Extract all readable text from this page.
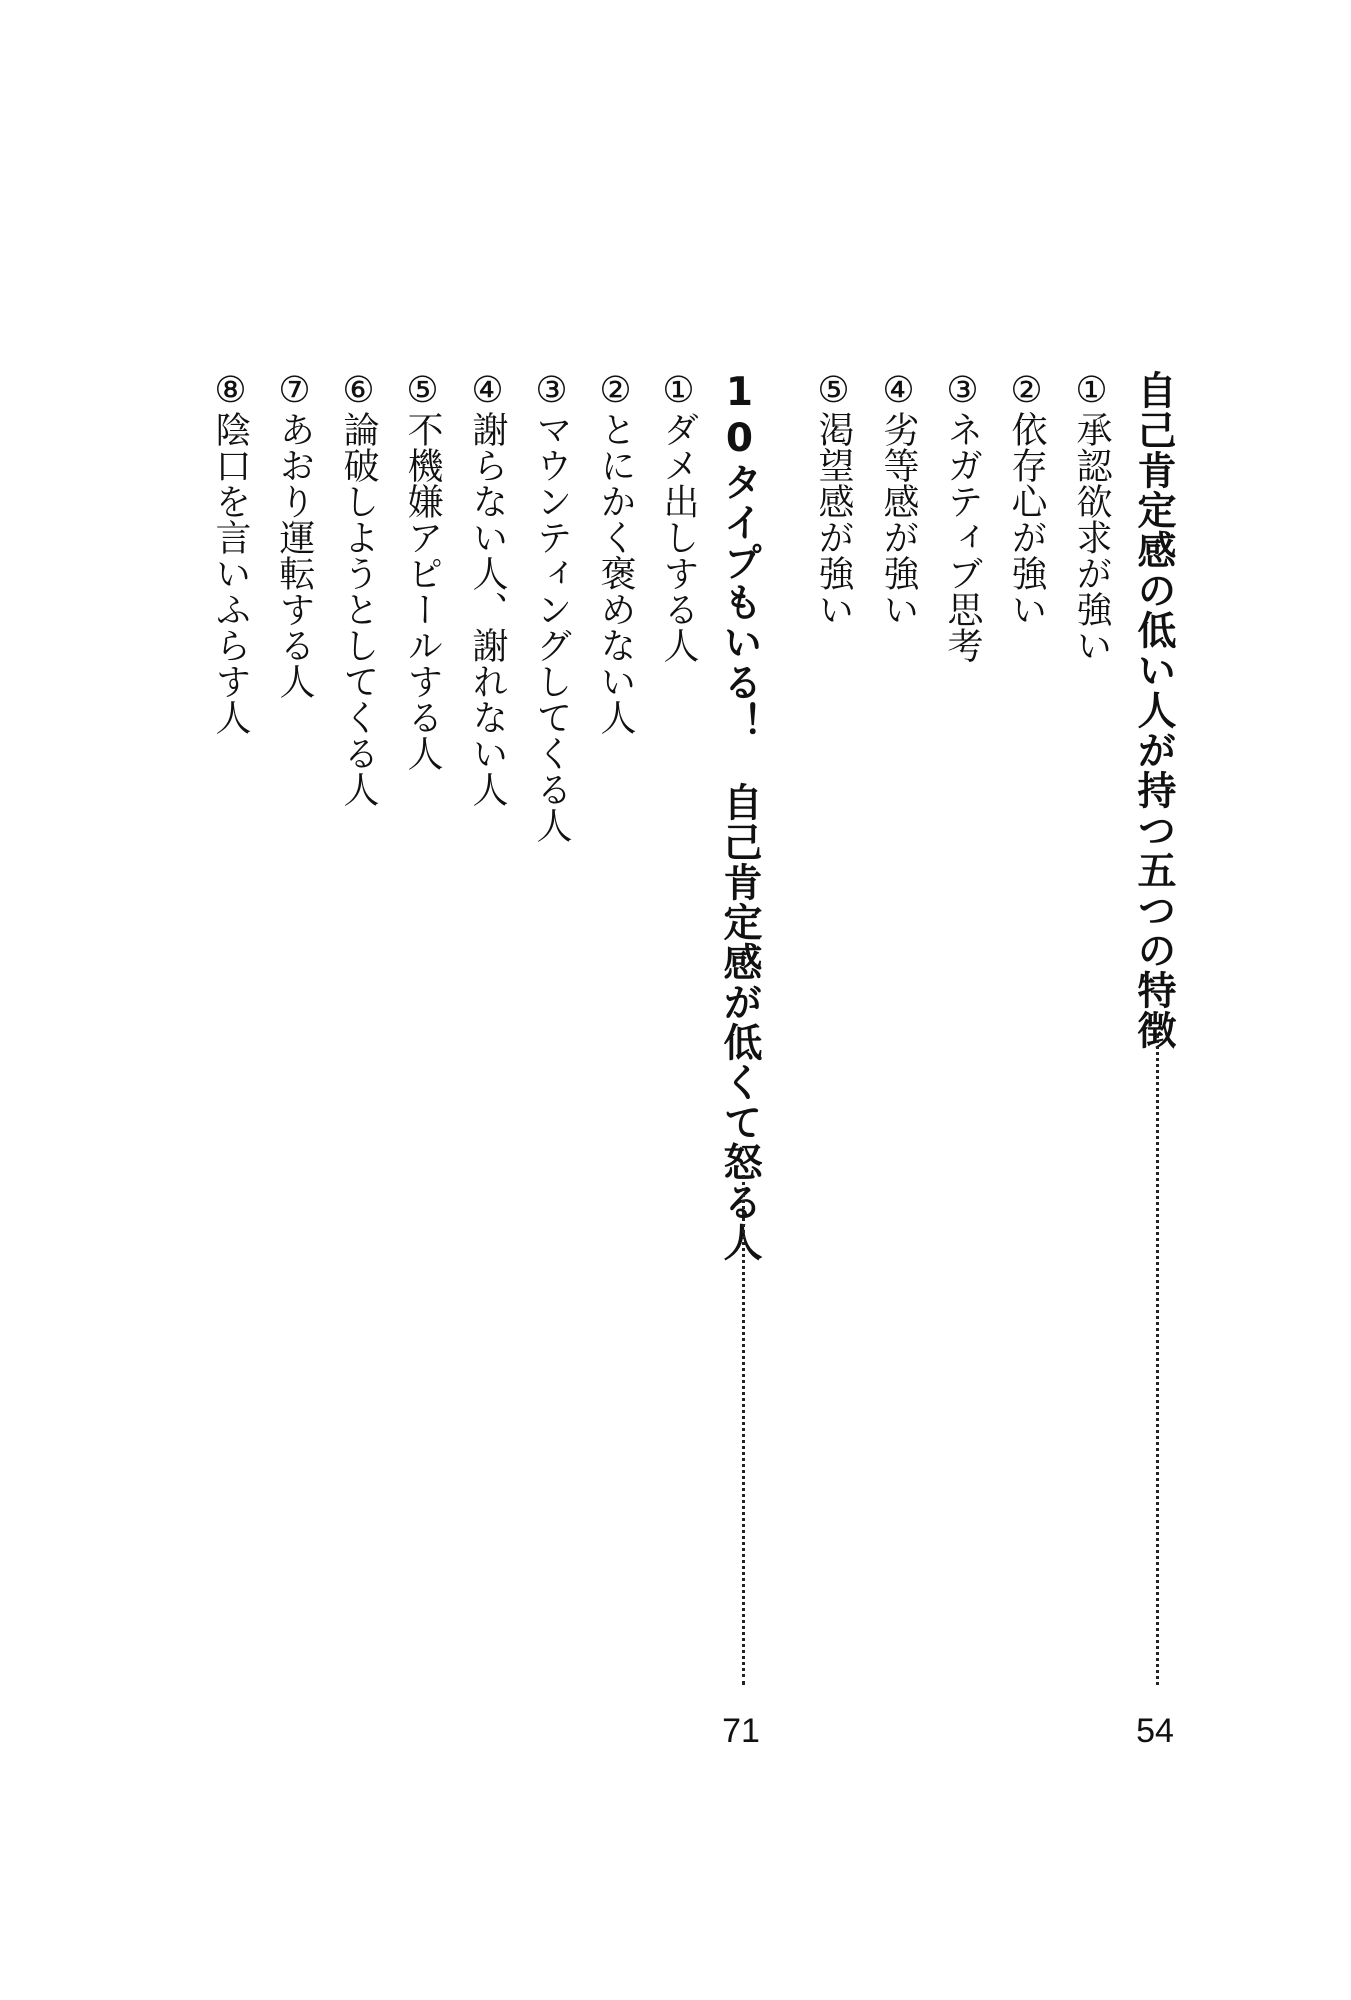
自己肯定感の低い人が持つ五つの特徴
54
①承認欲求が強い
②依存心が強い
③ネガティブ思考
④劣等感が強い
⑤渇望感が強い
10タイプもいる！　自己肯定感が低くて怒る人
71
①ダメ出しする人
②とにかく褒めない人
③マウンティングしてくる人
④謝らない人、謝れない人
⑤不機嫌アピールする人
⑥論破しようとしてくる人
⑦あおり運転する人
⑧陰口を言いふらす人
